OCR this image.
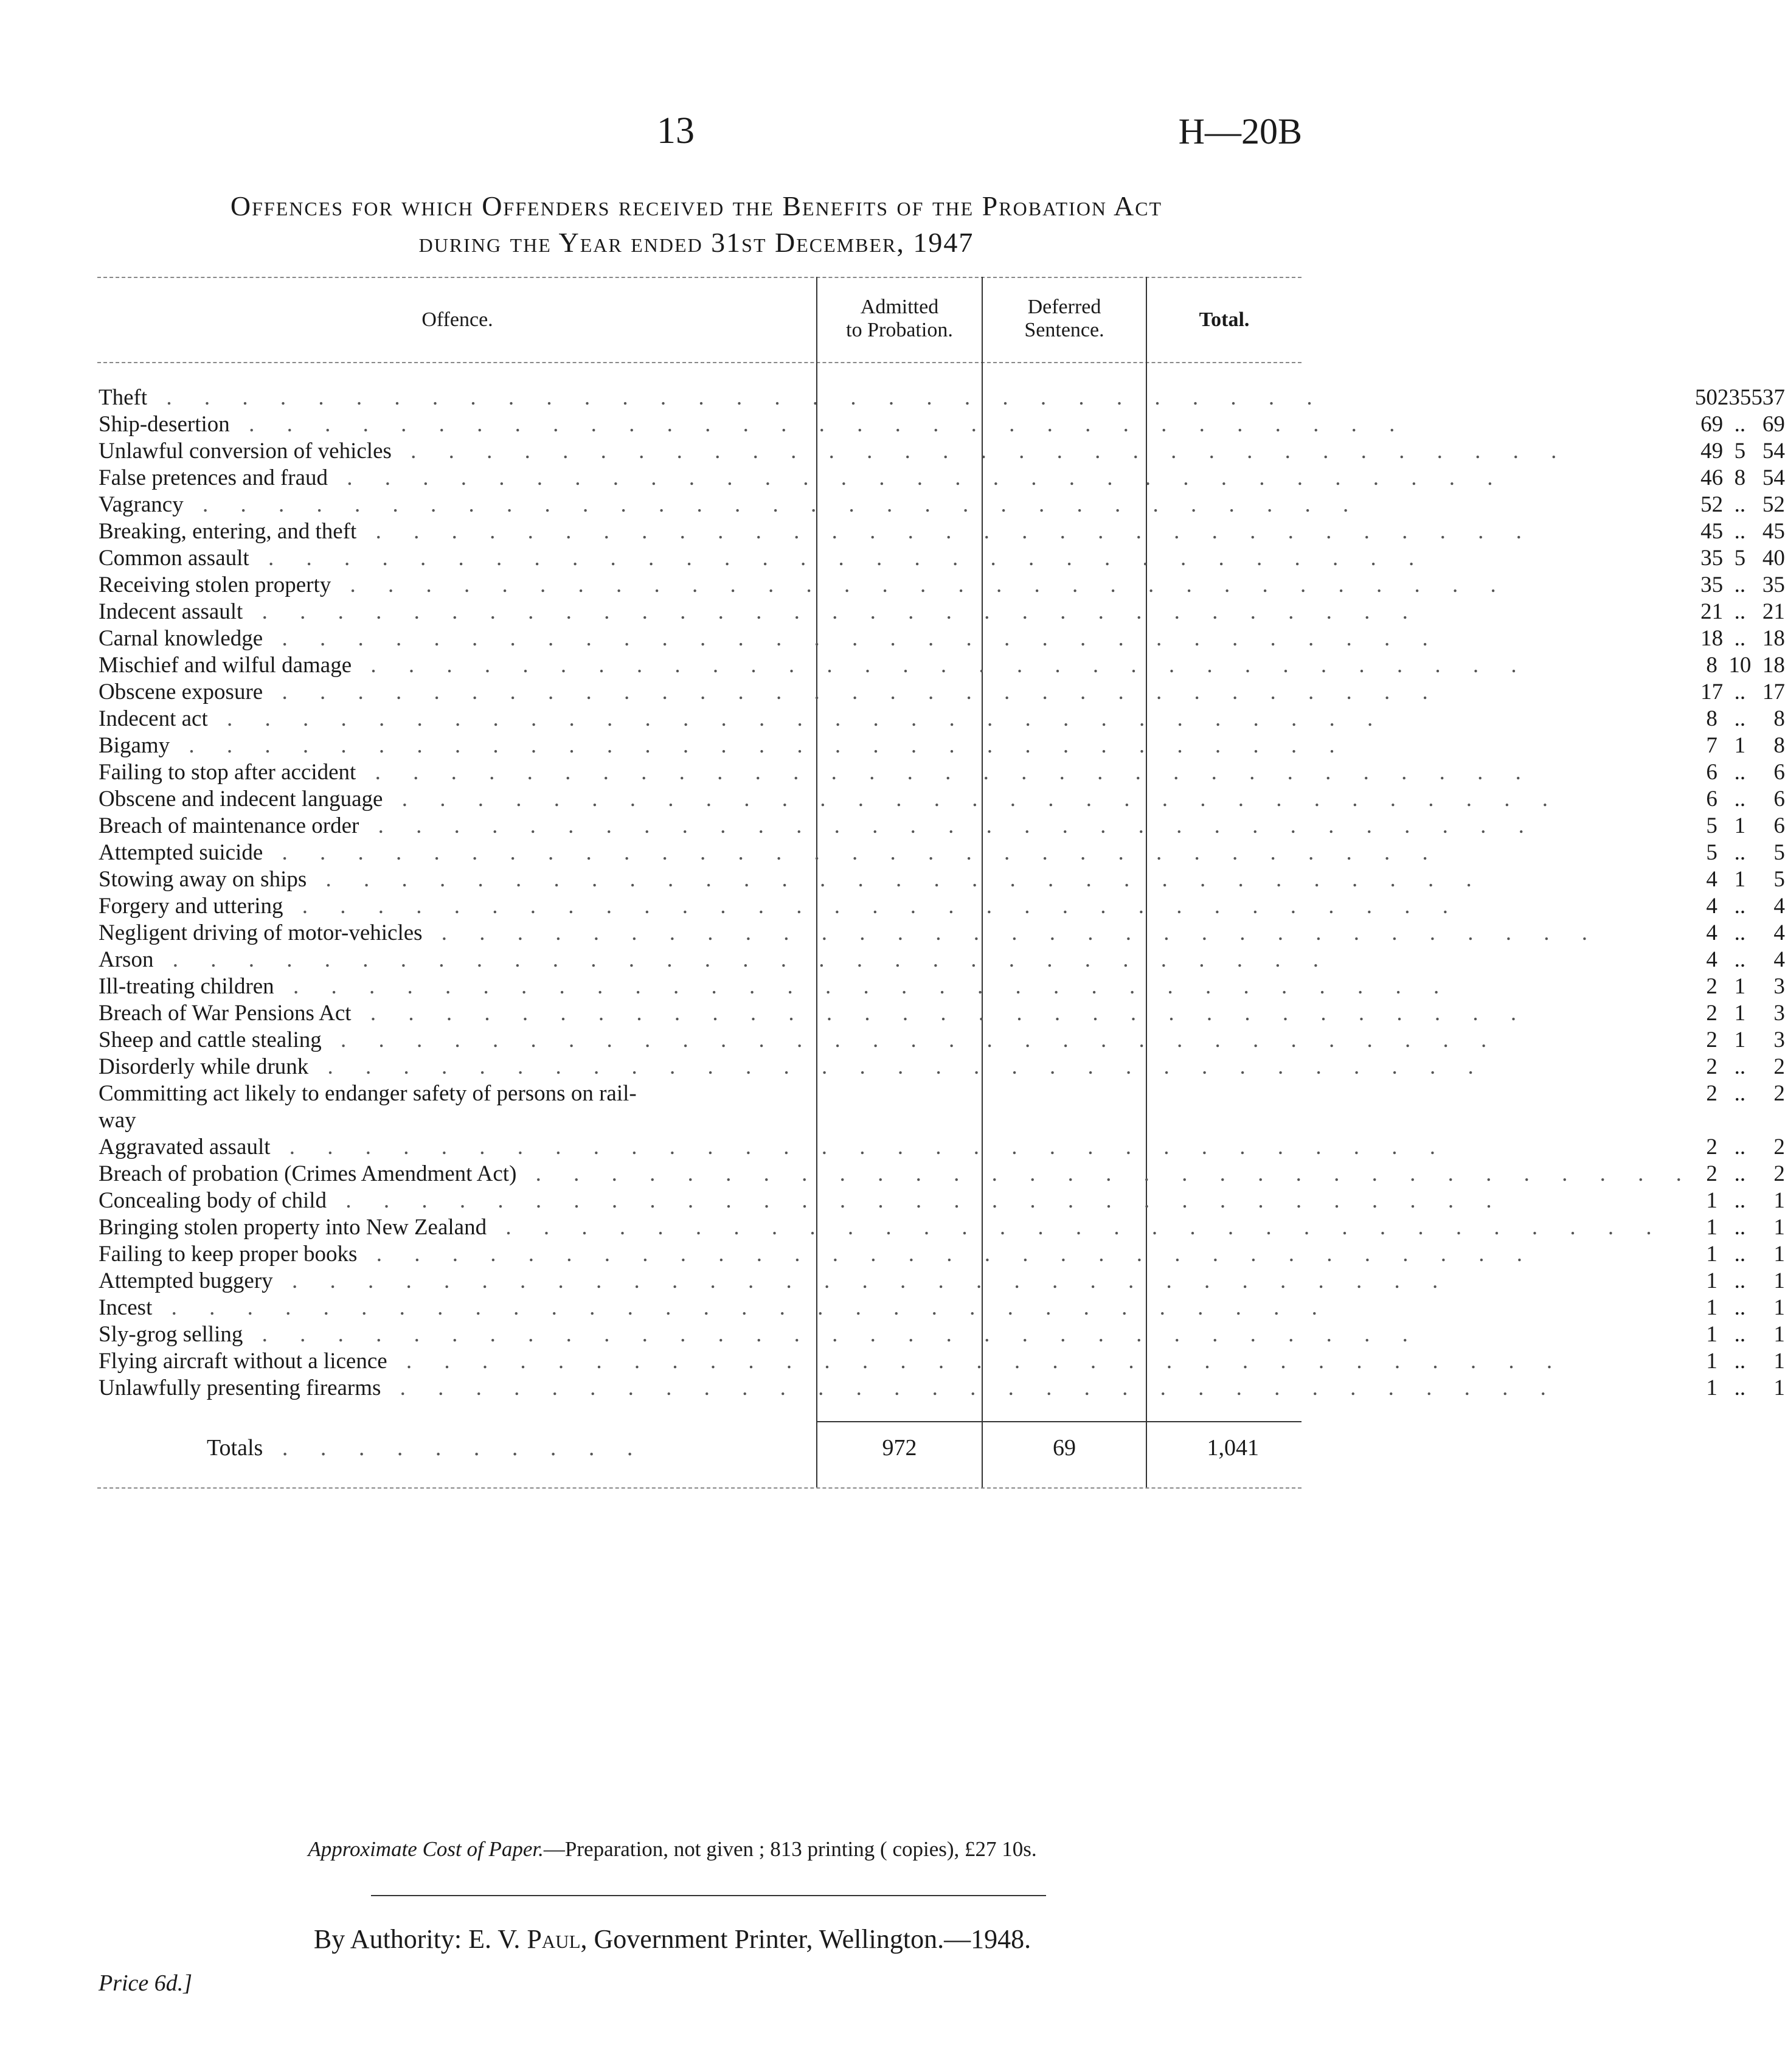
13	H—20B
Offences for which Offenders received the Benefits of the Probation Act
during the Year ended 31st December, 1947
Offence.
Admitted
to Probation.
Deferred
Sentence.	Total.
Theft . . . . . . . . . . . . . . . . . . . . . . . . . . . . . . .	502	35	537
Ship-desertion . . . . . . . . . . . . . . . . . . . . . . . . . . . . . . .	69	..	69
Unlawful conversion of vehicles . . . . . . . . . . . . . . . . . . . . . . . . . . . . . . .	49	5	54
False pretences and fraud . . . . . . . . . . . . . . . . . . . . . . . . . . . . . . .	46	8	54
Vagrancy . . . . . . . . . . . . . . . . . . . . . . . . . . . . . . .	52	..	52
Breaking, entering, and theft . . . . . . . . . . . . . . . . . . . . . . . . . . . . . . .	45	..	45
Common assault . . . . . . . . . . . . . . . . . . . . . . . . . . . . . . .	35	5	40
Receiving stolen property . . . . . . . . . . . . . . . . . . . . . . . . . . . . . . .	35	..	35
Indecent assault . . . . . . . . . . . . . . . . . . . . . . . . . . . . . . .	21	..	21
Carnal knowledge . . . . . . . . . . . . . . . . . . . . . . . . . . . . . . .	18	..	18
Mischief and wilful damage . . . . . . . . . . . . . . . . . . . . . . . . . . . . . . .	8	10	18
Obscene exposure . . . . . . . . . . . . . . . . . . . . . . . . . . . . . . .	17	..	17
Indecent act . . . . . . . . . . . . . . . . . . . . . . . . . . . . . . .	8	..	8
Bigamy . . . . . . . . . . . . . . . . . . . . . . . . . . . . . . .	7	1	8
Failing to stop after accident . . . . . . . . . . . . . . . . . . . . . . . . . . . . . . .	6	..	6
Obscene and indecent language . . . . . . . . . . . . . . . . . . . . . . . . . . . . . . .	6	..	6
Breach of maintenance order . . . . . . . . . . . . . . . . . . . . . . . . . . . . . . .	5	1	6
Attempted suicide . . . . . . . . . . . . . . . . . . . . . . . . . . . . . . .	5	..	5
Stowing away on ships . . . . . . . . . . . . . . . . . . . . . . . . . . . . . . .	4	1	5
Forgery and uttering . . . . . . . . . . . . . . . . . . . . . . . . . . . . . . .	4	..	4
Negligent driving of motor-vehicles . . . . . . . . . . . . . . . . . . . . . . . . . . . . . . .	4	..	4
Arson . . . . . . . . . . . . . . . . . . . . . . . . . . . . . . .	4	..	4
Ill-treating children . . . . . . . . . . . . . . . . . . . . . . . . . . . . . . .	2	1	3
Breach of War Pensions Act . . . . . . . . . . . . . . . . . . . . . . . . . . . . . . .	2	1	3
Sheep and cattle stealing . . . . . . . . . . . . . . . . . . . . . . . . . . . . . . .	2	1	3
Disorderly while drunk . . . . . . . . . . . . . . . . . . . . . . . . . . . . . . .	2	..	2
Committing act likely to endanger safety of persons on rail-	2	..	2
way			
Aggravated assault . . . . . . . . . . . . . . . . . . . . . . . . . . . . . . .	2	..	2
Breach of probation (Crimes Amendment Act) . . . . . . . . . . . . . . . . . . . . . . . . . . . . . . .	2	..	2
Concealing body of child . . . . . . . . . . . . . . . . . . . . . . . . . . . . . . .	1	..	1
Bringing stolen property into New Zealand . . . . . . . . . . . . . . . . . . . . . . . . . . . . . . .	1	..	1
Failing to keep proper books . . . . . . . . . . . . . . . . . . . . . . . . . . . . . . .	1	..	1
Attempted buggery . . . . . . . . . . . . . . . . . . . . . . . . . . . . . . .	1	..	1
Incest . . . . . . . . . . . . . . . . . . . . . . . . . . . . . . .	1	..	1
Sly-grog selling . . . . . . . . . . . . . . . . . . . . . . . . . . . . . . .	1	..	1
Flying aircraft without a licence . . . . . . . . . . . . . . . . . . . . . . . . . . . . . . .	1	..	1
Unlawfully presenting firearms . . . . . . . . . . . . . . . . . . . . . . . . . . . . . . .	1	..	1
Totals . . . . . . . . . .	972	69	1,041
Approximate Cost of Paper.—Preparation, not given ; 813 printing ( copies), £27 10s.
By Authority: E. V. Paul, Government Printer, Wellington.—1948.
Price 6d.]
